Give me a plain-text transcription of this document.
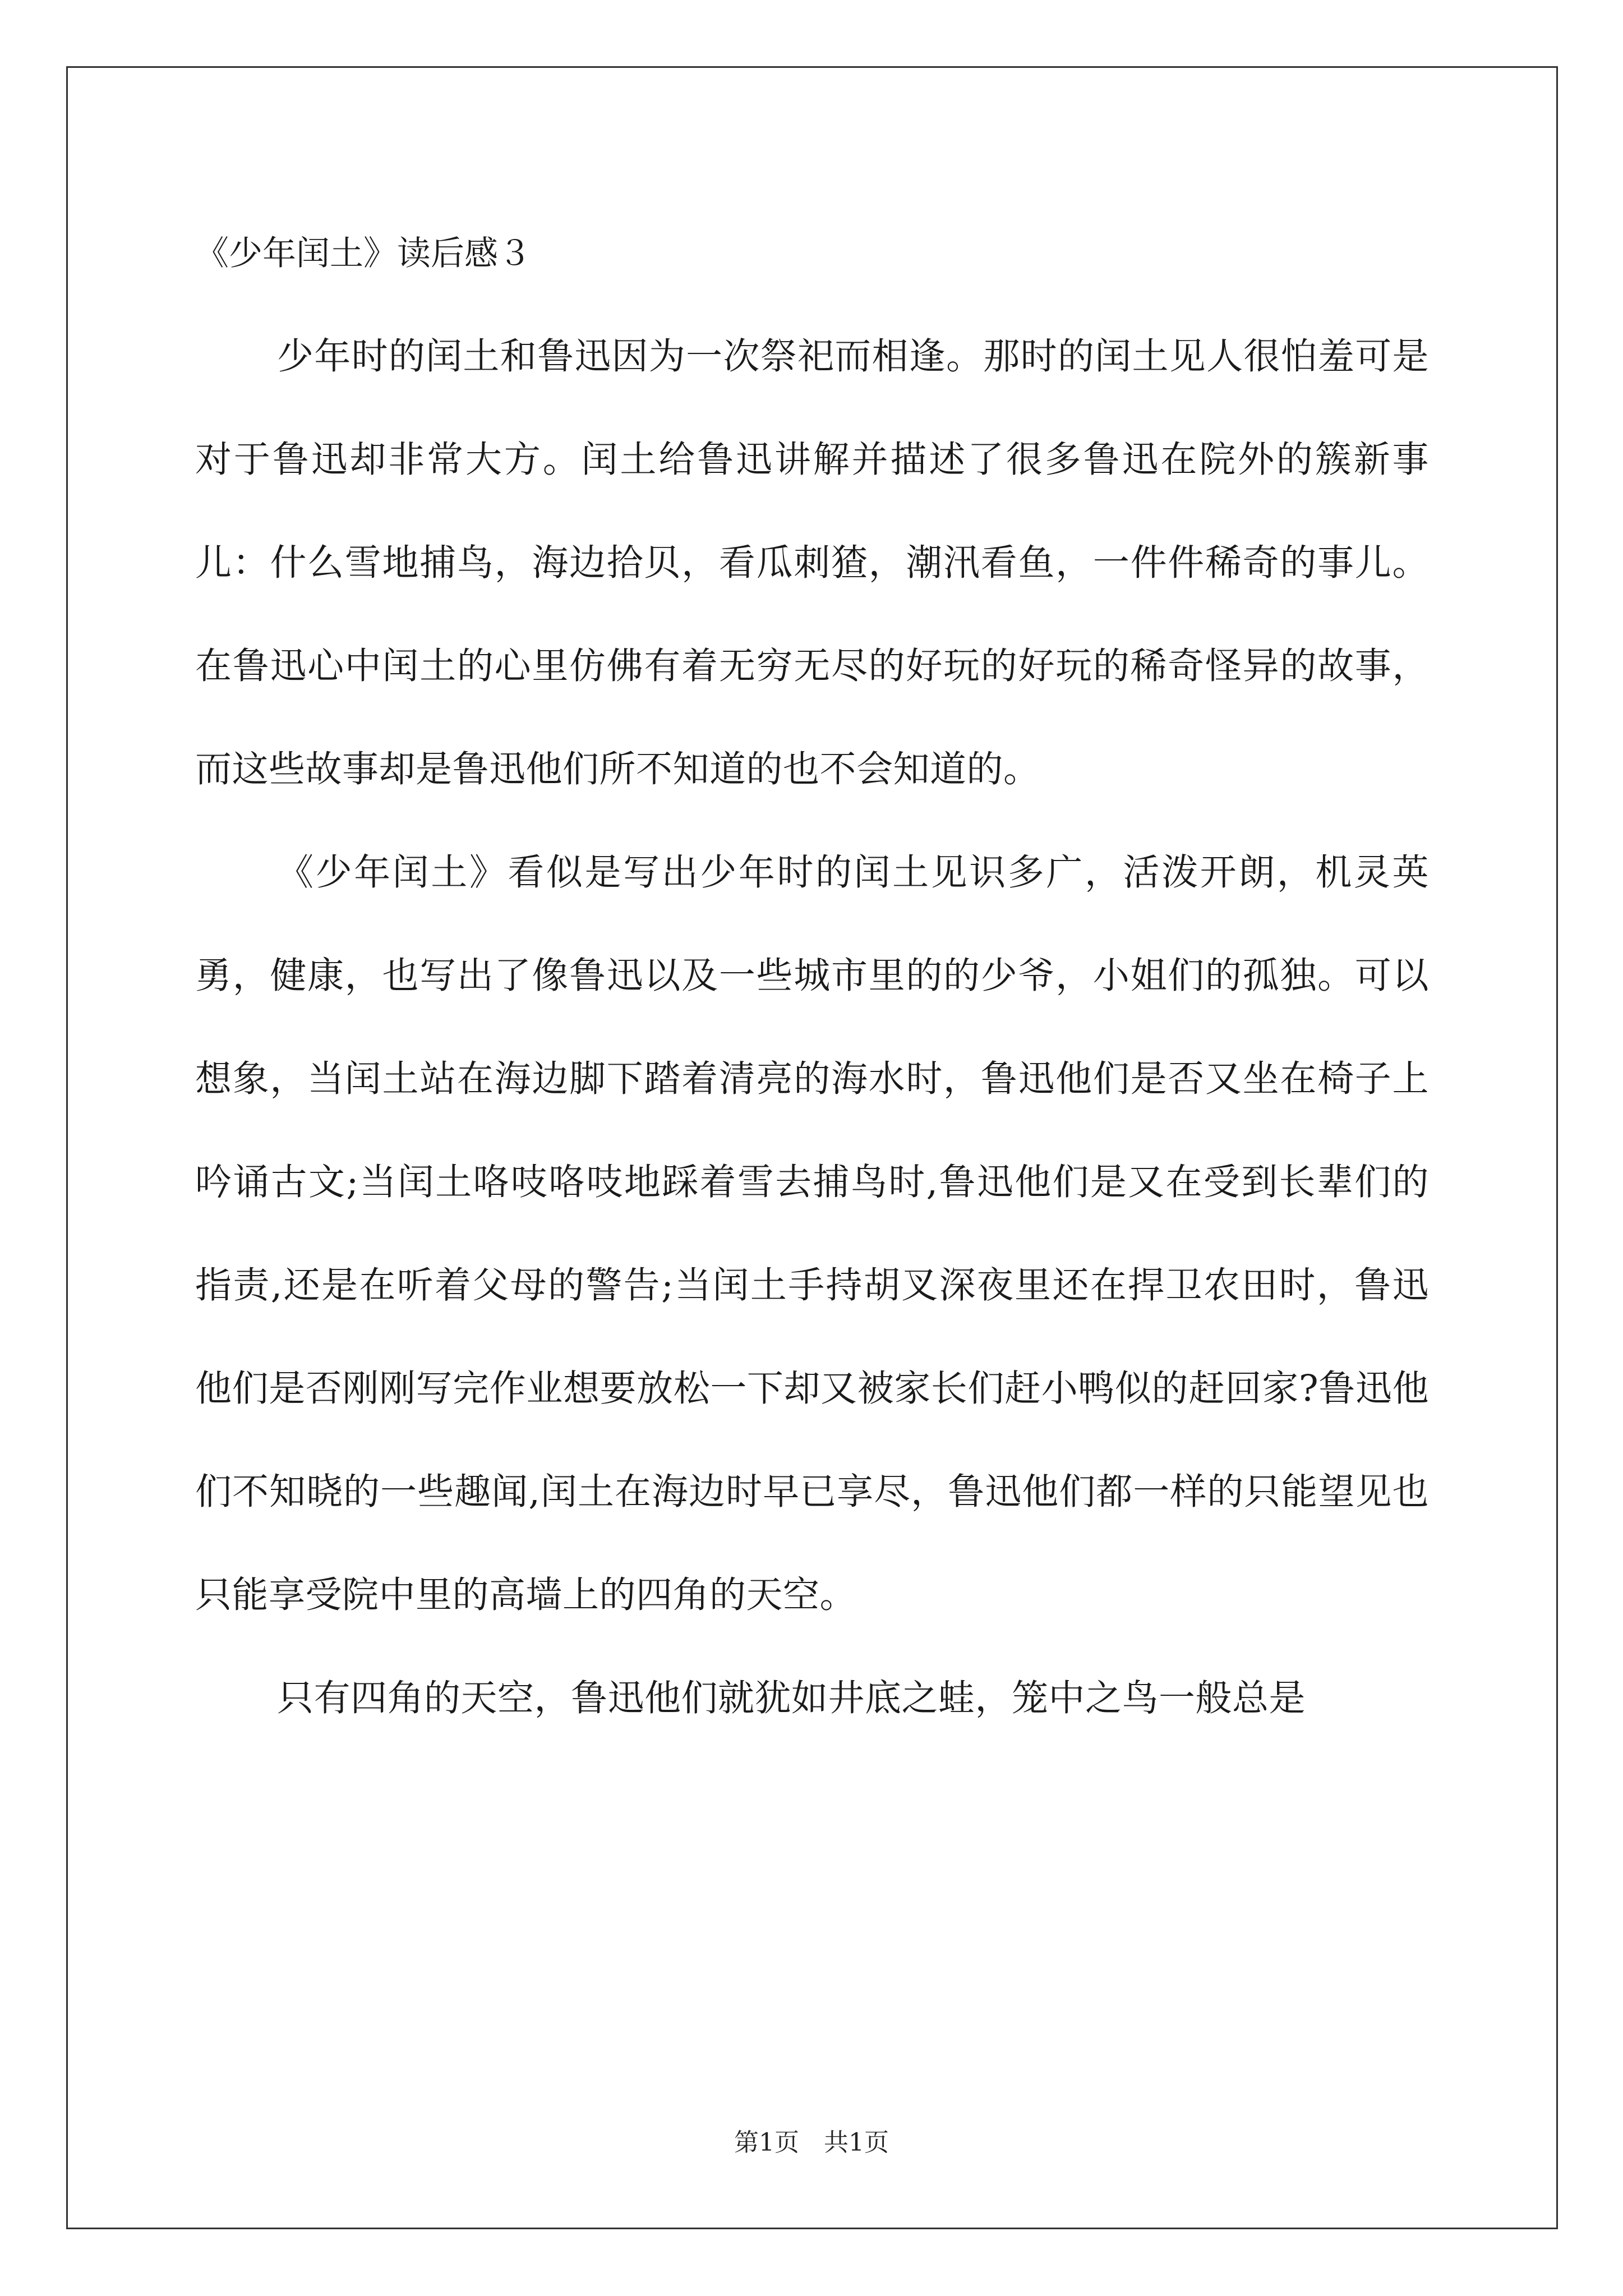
《少年闰土》读后感３

少年时的闰土和鲁迅因为一次祭祀而相逢。那时的闰土见人很怕羞可是对于鲁迅却非常大方。闰土给鲁迅讲解并描述了很多鲁迅在院外的簇新事儿：什么雪地捕鸟，海边拾贝，看瓜刺猹，潮汛看鱼，一件件稀奇的事儿。在鲁迅心中闰土的心里仿佛有着无穷无尽的好玩的好玩的稀奇怪异的故事，而这些故事却是鲁迅他们所不知道的也不会知道的。

《少年闰土》看似是写出少年时的闰土见识多广，活泼开朗，机灵英勇，健康，也写出了像鲁迅以及一些城市里的的少爷，小姐们的孤独。可以想象，当闰土站在海边脚下踏着清亮的海水时，鲁迅他们是否又坐在椅子上吟诵古文;当闰土咯吱咯吱地踩着雪去捕鸟时,鲁迅他们是又在受到长辈们的指责,还是在听着父母的警告;当闰土手持胡叉深夜里还在捍卫农田时，鲁迅他们是否刚刚写完作业想要放松一下却又被家长们赶小鸭似的赶回家?鲁迅他们不知晓的一些趣闻,闰土在海边时早已享尽，鲁迅他们都一样的只能望见也只能享受院中里的高墙上的四角的天空。

只有四角的天空，鲁迅他们就犹如井底之蛙，笼中之鸟一般总是

第1页　共1页
